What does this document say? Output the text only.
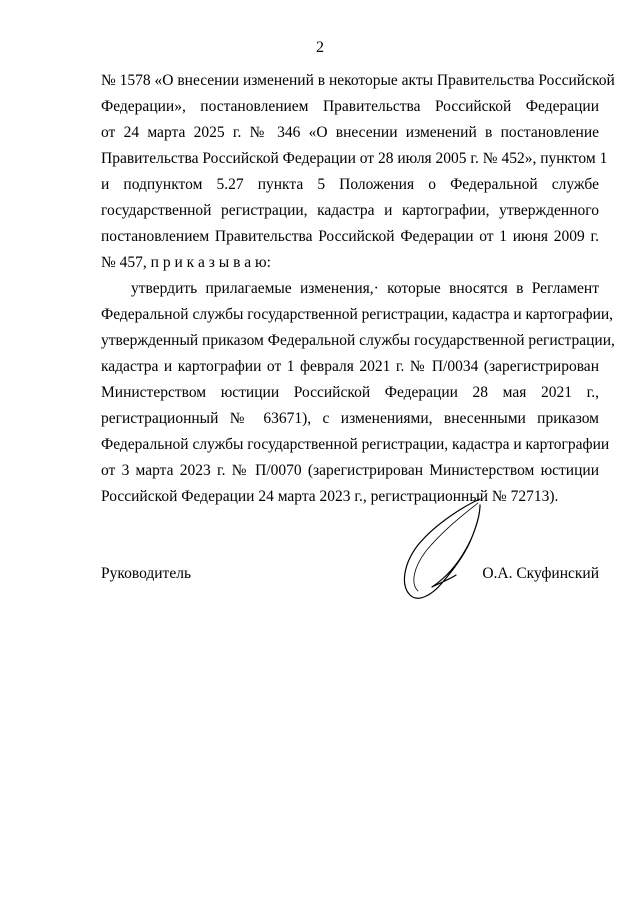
2
№ 1578 «О внесении изменений в некоторые акты Правительства Российской
Федерации», постановлением Правительства Российской Федерации
от 24 марта 2025 г. № 346 «О внесении изменений в постановление
Правительства Российской Федерации от 28 июля 2005 г. № 452», пунктом 1
и подпунктом 5.27 пункта 5 Положения о Федеральной службе
государственной регистрации, кадастра и картографии, утвержденного
постановлением Правительства Российской Федерации от 1 июня 2009 г.
№ 457, п р и к а з ы в а ю:
утвердить прилагаемые изменения,· которые вносятся в Регламент
Федеральной службы государственной регистрации, кадастра и картографии,
утвержденный приказом Федеральной службы государственной регистрации,
кадастра и картографии от 1 февраля 2021 г. № П/0034 (зарегистрирован
Министерством юстиции Российской Федерации 28 мая 2021 г.,
регистрационный № 63671), с изменениями, внесенными приказом
Федеральной службы государственной регистрации, кадастра и картографии
от 3 марта 2023 г. № П/0070 (зарегистрирован Министерством юстиции
Российской Федерации 24 марта 2023 г., регистрационный № 72713).
Руководитель	О.А. Скуфинский
